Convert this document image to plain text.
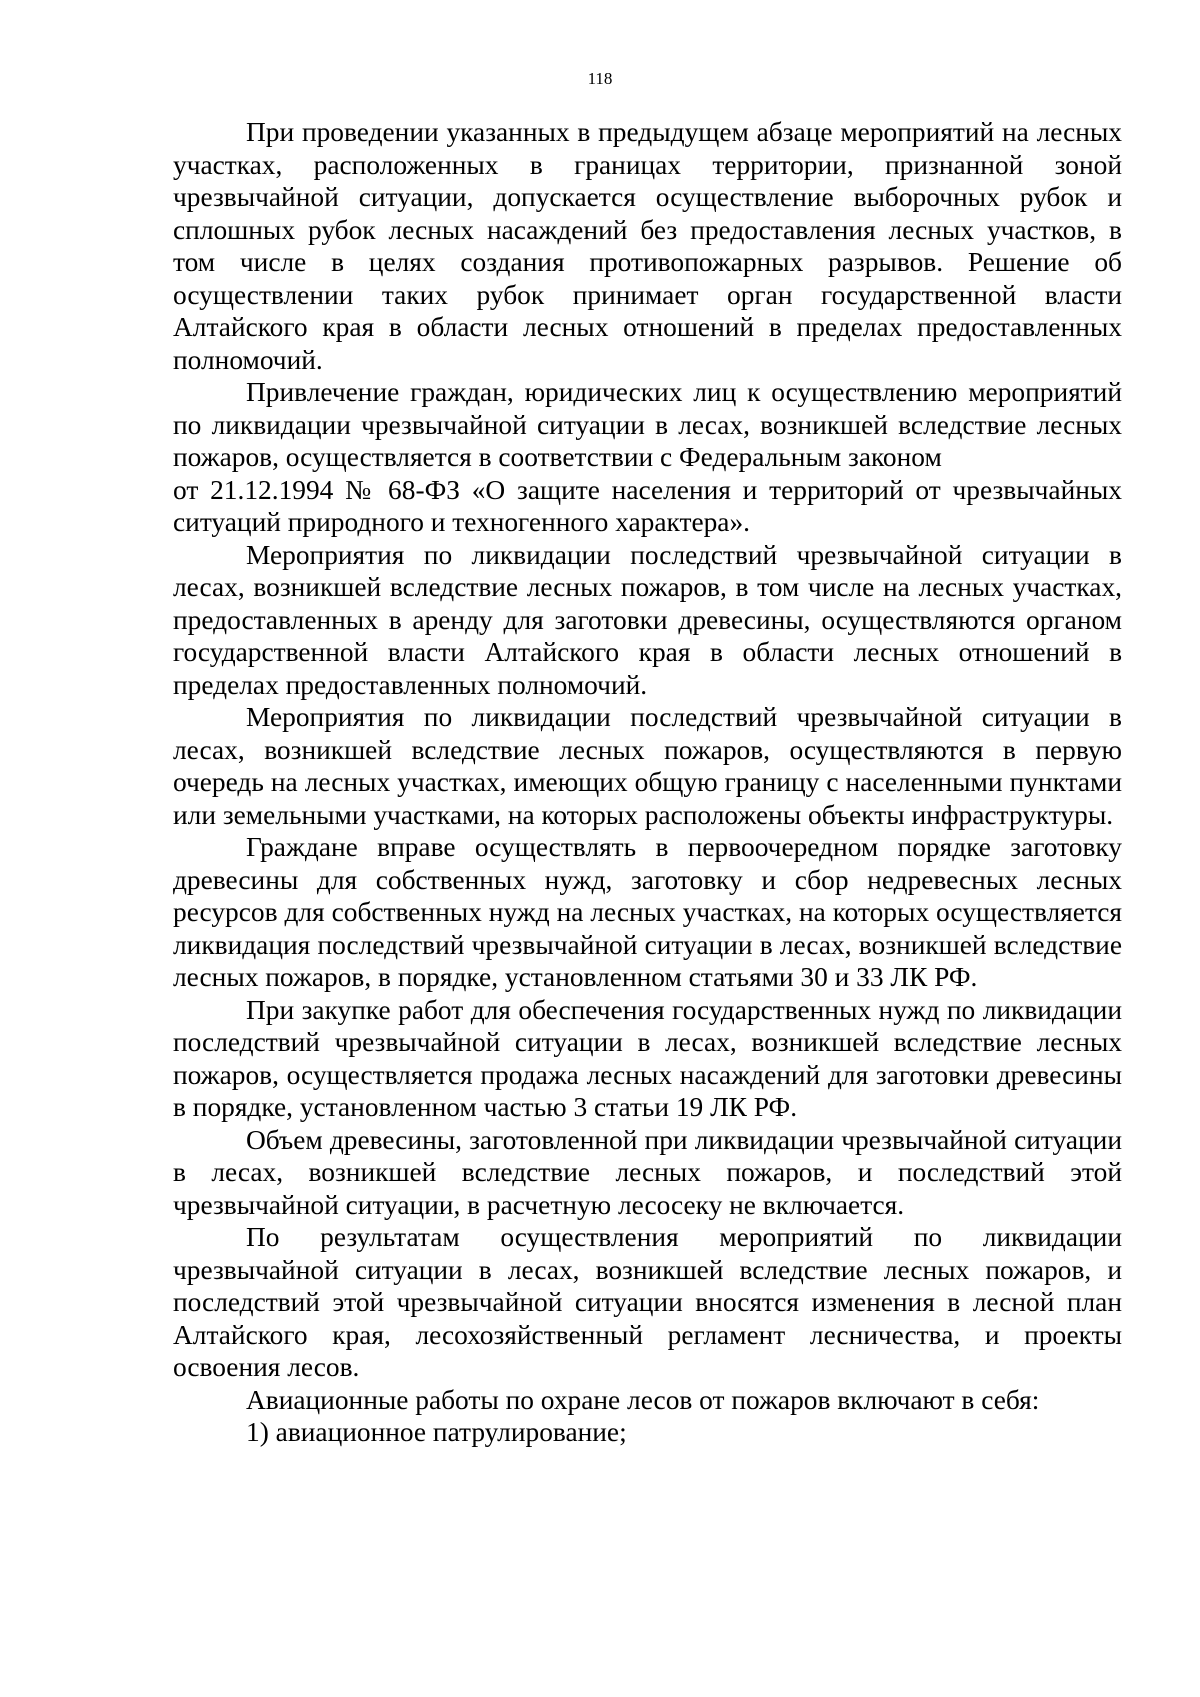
118

При проведении указанных в предыдущем абзаце мероприятий на лесных участках, расположенных в границах территории, признанной зоной чрезвычайной ситуации, допускается осуществление выборочных рубок и сплошных рубок лесных насаждений без предоставления лесных участков, в том числе в целях создания противопожарных разрывов. Решение об осуществлении таких рубок принимает орган государственной власти Алтайского края в области лесных отношений в пределах предоставленных полномочий.

Привлечение граждан, юридических лиц к осуществлению мероприятий по ликвидации чрезвычайной ситуации в лесах, возникшей вследствие лесных пожаров, осуществляется в соответствии с Федеральным законом

от 21.12.1994 № 68-ФЗ «О защите населения и территорий от чрезвычайных ситуаций природного и техногенного характера».

Мероприятия по ликвидации последствий чрезвычайной ситуации в лесах, возникшей вследствие лесных пожаров, в том числе на лесных участках, предоставленных в аренду для заготовки древесины, осуществляются органом государственной власти Алтайского края в области лесных отношений в пределах предоставленных полномочий.

Мероприятия по ликвидации последствий чрезвычайной ситуации в лесах, возникшей вследствие лесных пожаров, осуществляются в первую очередь на лесных участках, имеющих общую границу с населенными пунктами или земельными участками, на которых расположены объекты инфраструктуры.

Граждане вправе осуществлять в первоочередном порядке заготовку древесины для собственных нужд, заготовку и сбор недревесных лесных ресурсов для собственных нужд на лесных участках, на которых осуществляется ликвидация последствий чрезвычайной ситуации в лесах, возникшей вследствие лесных пожаров, в порядке, установленном статьями 30 и 33 ЛК РФ.

При закупке работ для обеспечения государственных нужд по ликвидации последствий чрезвычайной ситуации в лесах, возникшей вследствие лесных пожаров, осуществляется продажа лесных насаждений для заготовки древесины в порядке, установленном частью 3 статьи 19 ЛК РФ.

Объем древесины, заготовленной при ликвидации чрезвычайной ситуации в лесах, возникшей вследствие лесных пожаров, и последствий этой чрезвычайной ситуации, в расчетную лесосеку не включается.

По результатам осуществления мероприятий по ликвидации чрезвычайной ситуации в лесах, возникшей вследствие лесных пожаров, и последствий этой чрезвычайной ситуации вносятся изменения в лесной план Алтайского края, лесохозяйственный регламент лесничества, и проекты освоения лесов.

Авиационные работы по охране лесов от пожаров включают в себя:

1) авиационное патрулирование;
